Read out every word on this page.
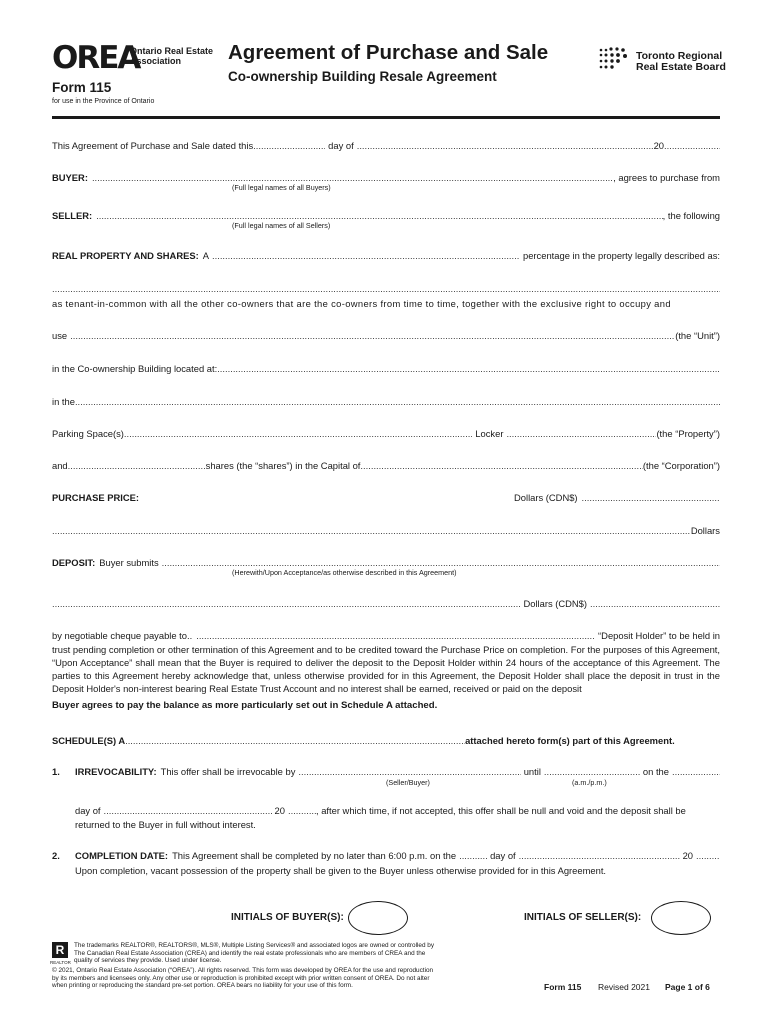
OREA
Ontario Real Estate
Association
Form 115
for use in the Province of Ontario
Agreement of Purchase and Sale
Co-ownership Building Resale Agreement
Toronto Regional
Real Estate Board
This Agreement of Purchase and Sale dated this .....	day of .....	20
.....
BUYER: .....	, agrees to purchase from
(Full legal names of all Buyers)
SELLER: .....	, the following
(Full legal names of all Sellers)
REAL PROPERTY AND SHARES: A .....	percentage in the property legally described as:
.....
as tenant-in-common with all the other co-owners that are the co-owners from time to time, together with the exclusive right to occupy and
use .....	(the “Unit”)
in the Co-ownership Building located at:
.....
in the
.....
Parking Space(s) .....	Locker .....	(the “Property”)
and .....	shares (the “shares”) in the Capital of .....	(the “Corporation”)
PURCHASE PRICE:	Dollars (CDN$)
.....
.....
Dollars
DEPOSIT: Buyer submits
.....
(Herewith/Upon Acceptance/as otherwise described in this Agreement)
.....
Dollars (CDN$)
.....
by negotiable cheque payable to.. .....	“Deposit Holder” to be held in
trust pending completion or other termination of this Agreement and to be credited toward the Purchase Price on completion. For the purposes of this Agreement, “Upon Acceptance” shall mean that the Buyer is required to deliver the deposit to the Deposit Holder within 24 hours of the acceptance of this Agreement. The parties to this Agreement hereby acknowledge that, unless otherwise provided for in this Agreement, the Deposit Holder shall place the deposit in trust in the Deposit Holder's non-interest bearing Real Estate Trust Account and no interest shall be earned, received or paid on the deposit
Buyer agrees to pay the balance as more particularly set out in Schedule A attached.
SCHEDULE(S) A .....	attached hereto form(s) part of this Agreement.
1. IRREVOCABILITY: This offer shall be irrevocable by .....	until .....	on the
.....
(Seller/Buyer)	(a.m./p.m.)
day of .....	20 .....	, after which time, if not accepted, this offer shall be null and void and the deposit shall be
returned to the Buyer in full without interest.
2. COMPLETION DATE: This Agreement shall be completed by no later than 6:00 p.m. on the .....	day of .....	20
.....
Upon completion, vacant possession of the property shall be given to the Buyer unless otherwise provided for in this Agreement.
INITIALS OF BUYER(S):	INITIALS OF SELLER(S):
R
REALTOR
The trademarks REALTOR®, REALTORS®, MLS®, Multiple Listing Services® and associated logos are owned or controlled by
The Canadian Real Estate Association (CREA) and identify the real estate professionals who are members of CREA and the
quality of services they provide. Used under license.
© 2021, Ontario Real Estate Association (“OREA”). All rights reserved. This form was developed by OREA for the use and reproduction
by its members and licensees only. Any other use or reproduction is prohibited except with prior written consent of OREA. Do not alter
when printing or reproducing the standard pre-set portion. OREA bears no liability for your use of this form.	Form 115 Revised 2021 Page 1 of 6
